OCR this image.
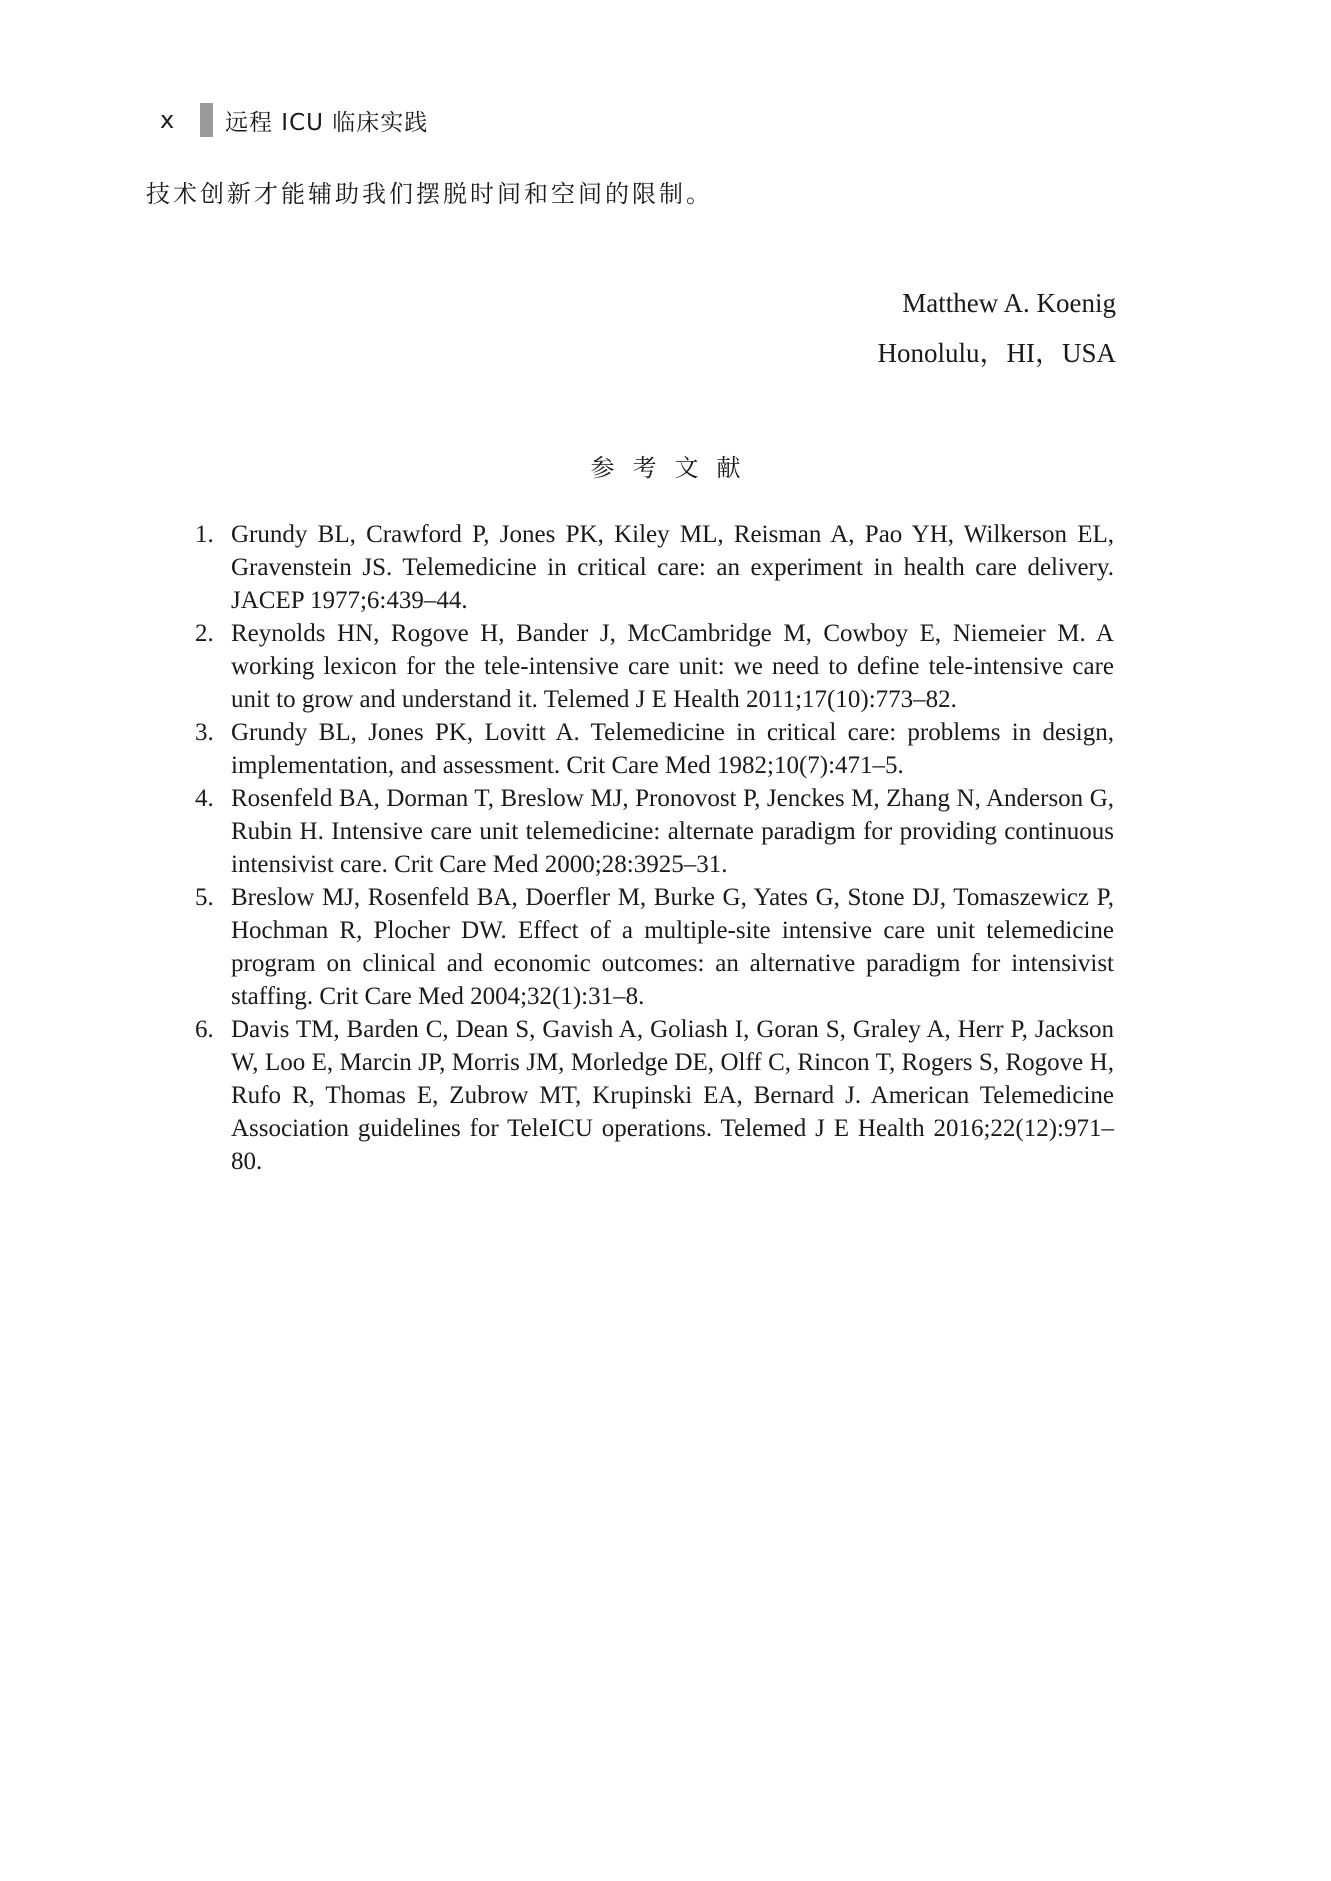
x	远程 ICU 临床实践
技术创新才能辅助我们摆脱时间和空间的限制。
Matthew A. Koenig
Honolulu，HI，USA
参考文献
1. Grundy BL, Crawford P, Jones PK, Kiley ML, Reisman A, Pao YH, Wilkerson EL, Gravenstein JS. Telemedicine in critical care: an experiment in health care delivery. JACEP 1977;6:439–44.
2. Reynolds HN, Rogove H, Bander J, McCambridge M, Cowboy E, Niemeier M. A working lexicon for the tele-intensive care unit: we need to define tele-intensive care unit to grow and understand it. Telemed J E Health 2011;17(10):773–82.
3. Grundy BL, Jones PK, Lovitt A. Telemedicine in critical care: problems in design, implementation, and assessment. Crit Care Med 1982;10(7):471–5.
4. Rosenfeld BA, Dorman T, Breslow MJ, Pronovost P, Jenckes M, Zhang N, Anderson G, Rubin H. Intensive care unit telemedicine: alternate paradigm for providing continuous intensivist care. Crit Care Med 2000;28:3925–31.
5. Breslow MJ, Rosenfeld BA, Doerfler M, Burke G, Yates G, Stone DJ, Tomaszewicz P, Hochman R, Plocher DW. Effect of a multiple-site intensive care unit telemedicine program on clinical and economic outcomes: an alternative paradigm for intensivist staffing. Crit Care Med 2004;32(1):31–8.
6. Davis TM, Barden C, Dean S, Gavish A, Goliash I, Goran S, Graley A, Herr P, Jackson W, Loo E, Marcin JP, Morris JM, Morledge DE, Olff C, Rincon T, Rogers S, Rogove H, Rufo R, Thomas E, Zubrow MT, Krupinski EA, Bernard J. American Telemedicine Association guidelines for TeleICU operations. Telemed J E Health 2016;22(12):971–80.
